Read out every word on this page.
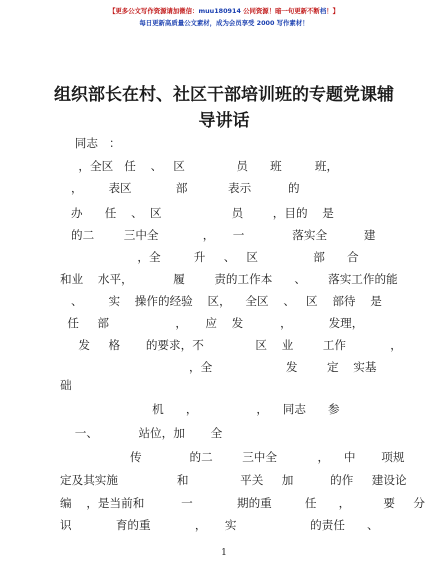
【更多公文写作资源请加微信：muu180914 公同资源！暗一句更新不断档！】
每日更新高质量公文素材，成为会员享受 2000 写作素材！
组织部长在村、社区干部培训班的专题党课辅
导讲话
同志   ：
，全区   任    、   区              员      班         班，
，       表区            部           表示          的
办      任    、  区                   员        ，目的    是
的二        三中全            ，     一             落实全          建
，全         升     、   区               部      合
和业    水平，           履        责的工作本      、      落实工作的能
、       实    操作的经验    区，    全区    、   区    部待    是
任     部                  ，     应    发          ，          发理，
发     格       的要求，不              区    业        工作            ，
，全                    发        定    实基
础
机      ，                ，    同志      参
一、           站位，加       全
传             的二        三中全           ，    中       项规
定及其实施                和              平关     加          的作     建设论
编    ，是当前和          一            期的重         任      ，         要     分
识            育的重            ，     实                    的责任      、
1
